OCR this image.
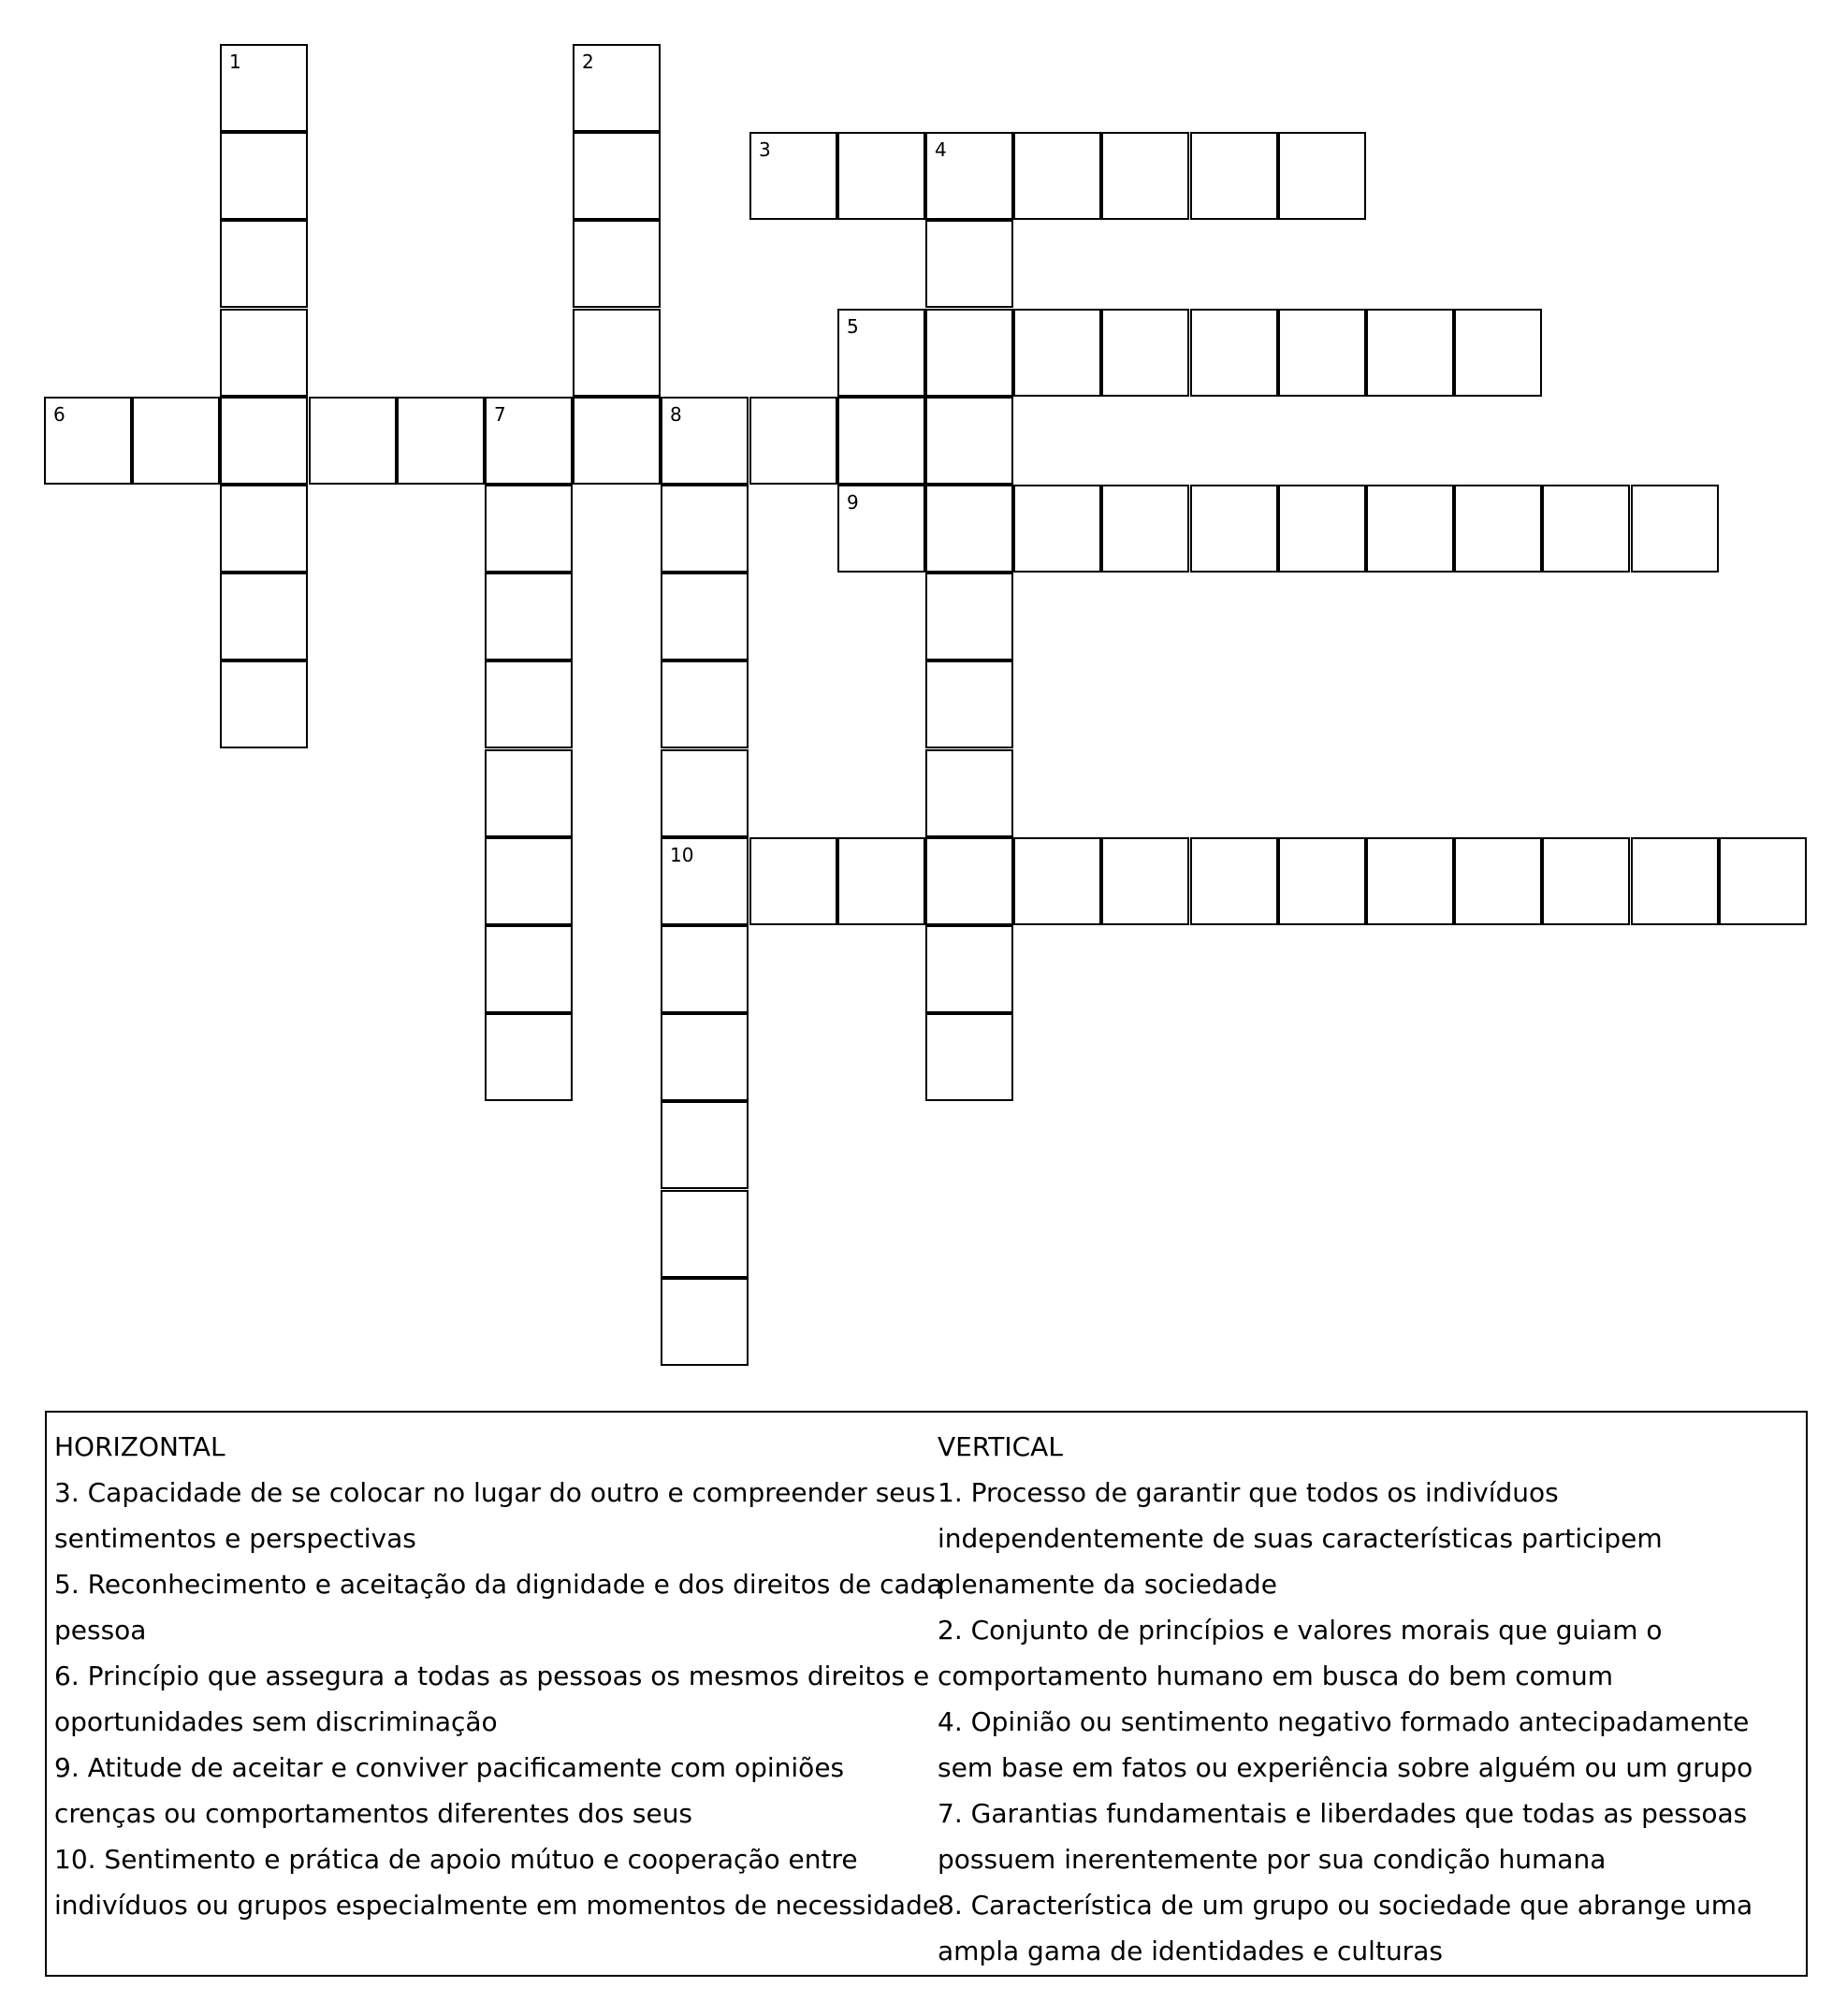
1	2
3	4
5
6	7	8
10
9
HORIZONTAL
3. Capacidade de se colocar no lugar do outro e compreender seus sentimentos e perspectivas
5. Reconhecimento e aceitação da dignidade e dos direitos de cada pessoa
6. Princípio que assegura a todas as pessoas os mesmos direitos e oportunidades sem discriminação
9. Atitude de aceitar e conviver pacificamente com opiniões crenças ou comportamentos diferentes dos seus
10. Sentimento e prática de apoio mútuo e cooperação entre indivíduos ou grupos especialmente em momentos de necessidade
VERTICAL
1. Processo de garantir que todos os indivíduos independentemente de suas características participem plenamente da sociedade
2. Conjunto de princípios e valores morais que guiam o comportamento humano em busca do bem comum
4. Opinião ou sentimento negativo formado antecipadamente sem base em fatos ou experiência sobre alguém ou um grupo
7. Garantias fundamentais e liberdades que todas as pessoas possuem inerentemente por sua condição humana
8. Característica de um grupo ou sociedade que abrange uma ampla gama de identidades e culturas
